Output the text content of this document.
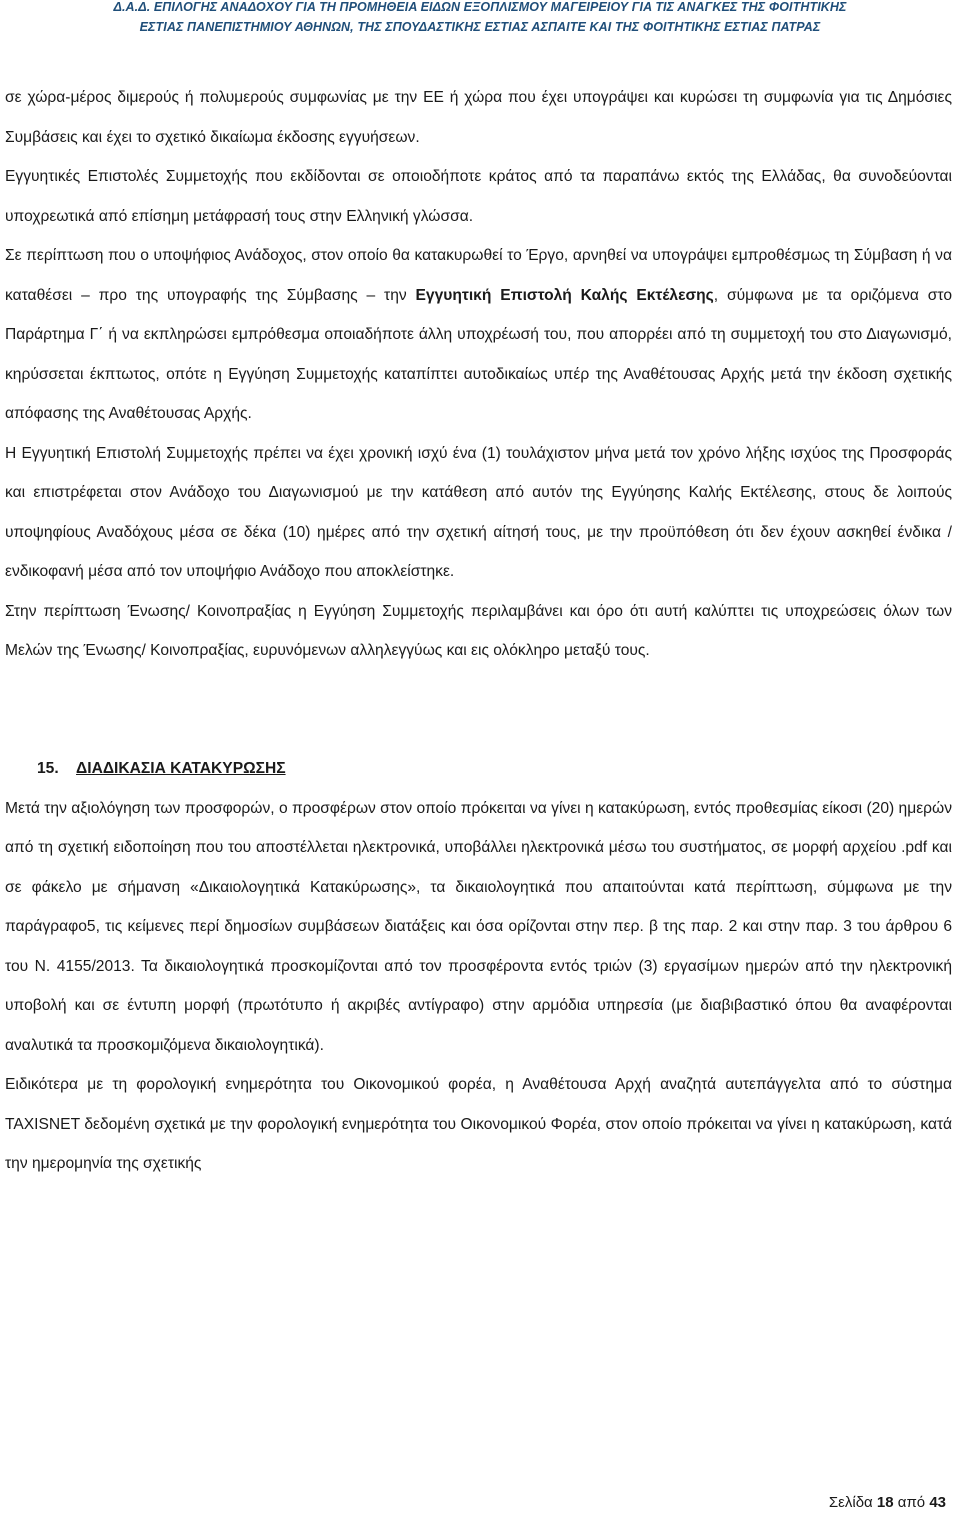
Δ.Α.Δ. ΕΠΙΛΟΓΗΣ ΑΝΑΔΟΧΟΥ ΓΙΑ ΤΗ ΠΡΟΜΗΘΕΙΑ ΕΙΔΩΝ ΕΞΟΠΛΙΣΜΟΥ ΜΑΓΕΙΡΕΙΟΥ ΓΙΑ ΤΙΣ ΑΝΑΓΚΕΣ ΤΗΣ ΦΟΙΤΗΤΙΚΗΣ
ΕΣΤΙΑΣ ΠΑΝΕΠΙΣΤΗΜΙΟΥ ΑΘΗΝΩΝ, ΤΗΣ ΣΠΟΥΔΑΣΤΙΚΗΣ ΕΣΤΙΑΣ ΑΣΠΑΙΤΕ ΚΑΙ ΤΗΣ ΦΟΙΤΗΤΙΚΗΣ ΕΣΤΙΑΣ ΠΑΤΡΑΣ

σε χώρα-μέρος διμερούς ή πολυμερούς συμφωνίας με την ΕΕ ή χώρα που έχει υπογράψει και κυρώσει τη συμφωνία για τις Δημόσιες Συμβάσεις και έχει το σχετικό δικαίωμα έκδοσης εγγυήσεων.

Εγγυητικές Επιστολές Συμμετοχής που εκδίδονται σε οποιοδήποτε κράτος από τα παραπάνω εκτός της Ελλάδας, θα συνοδεύονται υποχρεωτικά από επίσημη μετάφρασή τους στην Ελληνική γλώσσα.

Σε περίπτωση που ο υποψήφιος Ανάδοχος, στον οποίο θα κατακυρωθεί το Έργο, αρνηθεί να υπογράψει εμπροθέσμως τη Σύμβαση ή να καταθέσει – προ της υπογραφής της Σύμβασης – την Εγγυητική Επιστολή Καλής Εκτέλεσης, σύμφωνα με τα οριζόμενα στο Παράρτημα Γ΄ ή να εκπληρώσει εμπρόθεσμα οποιαδήποτε άλλη υποχρέωσή του, που απορρέει από τη συμμετοχή του στο Διαγωνισμό, κηρύσσεται έκπτωτος, οπότε η Εγγύηση Συμμετοχής καταπίπτει αυτοδικαίως υπέρ της Αναθέτουσας Αρχής μετά την έκδοση σχετικής απόφασης της Αναθέτουσας Αρχής.

Η Εγγυητική Επιστολή Συμμετοχής πρέπει να έχει χρονική ισχύ ένα (1) τουλάχιστον μήνα μετά τον χρόνο λήξης ισχύος της Προσφοράς και επιστρέφεται στον Ανάδοχο του Διαγωνισμού με την κατάθεση από αυτόν της Εγγύησης Καλής Εκτέλεσης, στους δε λοιπούς υποψηφίους Αναδόχους μέσα σε δέκα (10) ημέρες από την σχετική αίτησή τους, με την προϋπόθεση ότι δεν έχουν ασκηθεί ένδικα / ενδικοφανή μέσα από τον υποψήφιο Ανάδοχο που αποκλείστηκε.

Στην περίπτωση Ένωσης/ Κοινοπραξίας η Εγγύηση Συμμετοχής περιλαμβάνει και όρο ότι αυτή καλύπτει τις υποχρεώσεις όλων των Μελών της Ένωσης/ Κοινοπραξίας, ευρυνόμενων αλληλεγγύως και εις ολόκληρο μεταξύ τους.

15. ΔΙΑΔΙΚΑΣΙΑ ΚΑΤΑΚΥΡΩΣΗΣ

Μετά την αξιολόγηση των προσφορών, ο προσφέρων στον οποίο πρόκειται να γίνει η κατακύρωση, εντός προθεσμίας είκοσι (20) ημερών από τη σχετική ειδοποίηση που του αποστέλλεται ηλεκτρονικά, υποβάλλει ηλεκτρονικά μέσω του συστήματος, σε μορφή αρχείου .pdf και σε φάκελο με σήμανση «Δικαιολογητικά Κατακύρωσης», τα δικαιολογητικά που απαιτούνται κατά περίπτωση, σύμφωνα με την παράγραφο5, τις κείμενες περί δημοσίων συμβάσεων διατάξεις και όσα ορίζονται στην περ. β της παρ. 2 και στην παρ. 3 του άρθρου 6 του Ν. 4155/2013. Τα δικαιολογητικά προσκομίζονται από τον προσφέροντα εντός τριών (3) εργασίμων ημερών από την ηλεκτρονική υποβολή και σε έντυπη μορφή (πρωτότυπο ή ακριβές αντίγραφο) στην αρμόδια υπηρεσία (με διαβιβαστικό όπου θα αναφέρονται αναλυτικά τα προσκομιζόμενα δικαιολογητικά).

Ειδικότερα με τη φορολογική ενημερότητα του Οικονομικού φορέα, η Αναθέτουσα Αρχή αναζητά αυτεπάγγελτα από το σύστημα TAXISNET δεδομένη σχετικά με την φορολογική ενημερότητα του Οικονομικού Φορέα, στον οποίο πρόκειται να γίνει η κατακύρωση, κατά την ημερομηνία της σχετικής

Σελίδα 18 από 43
